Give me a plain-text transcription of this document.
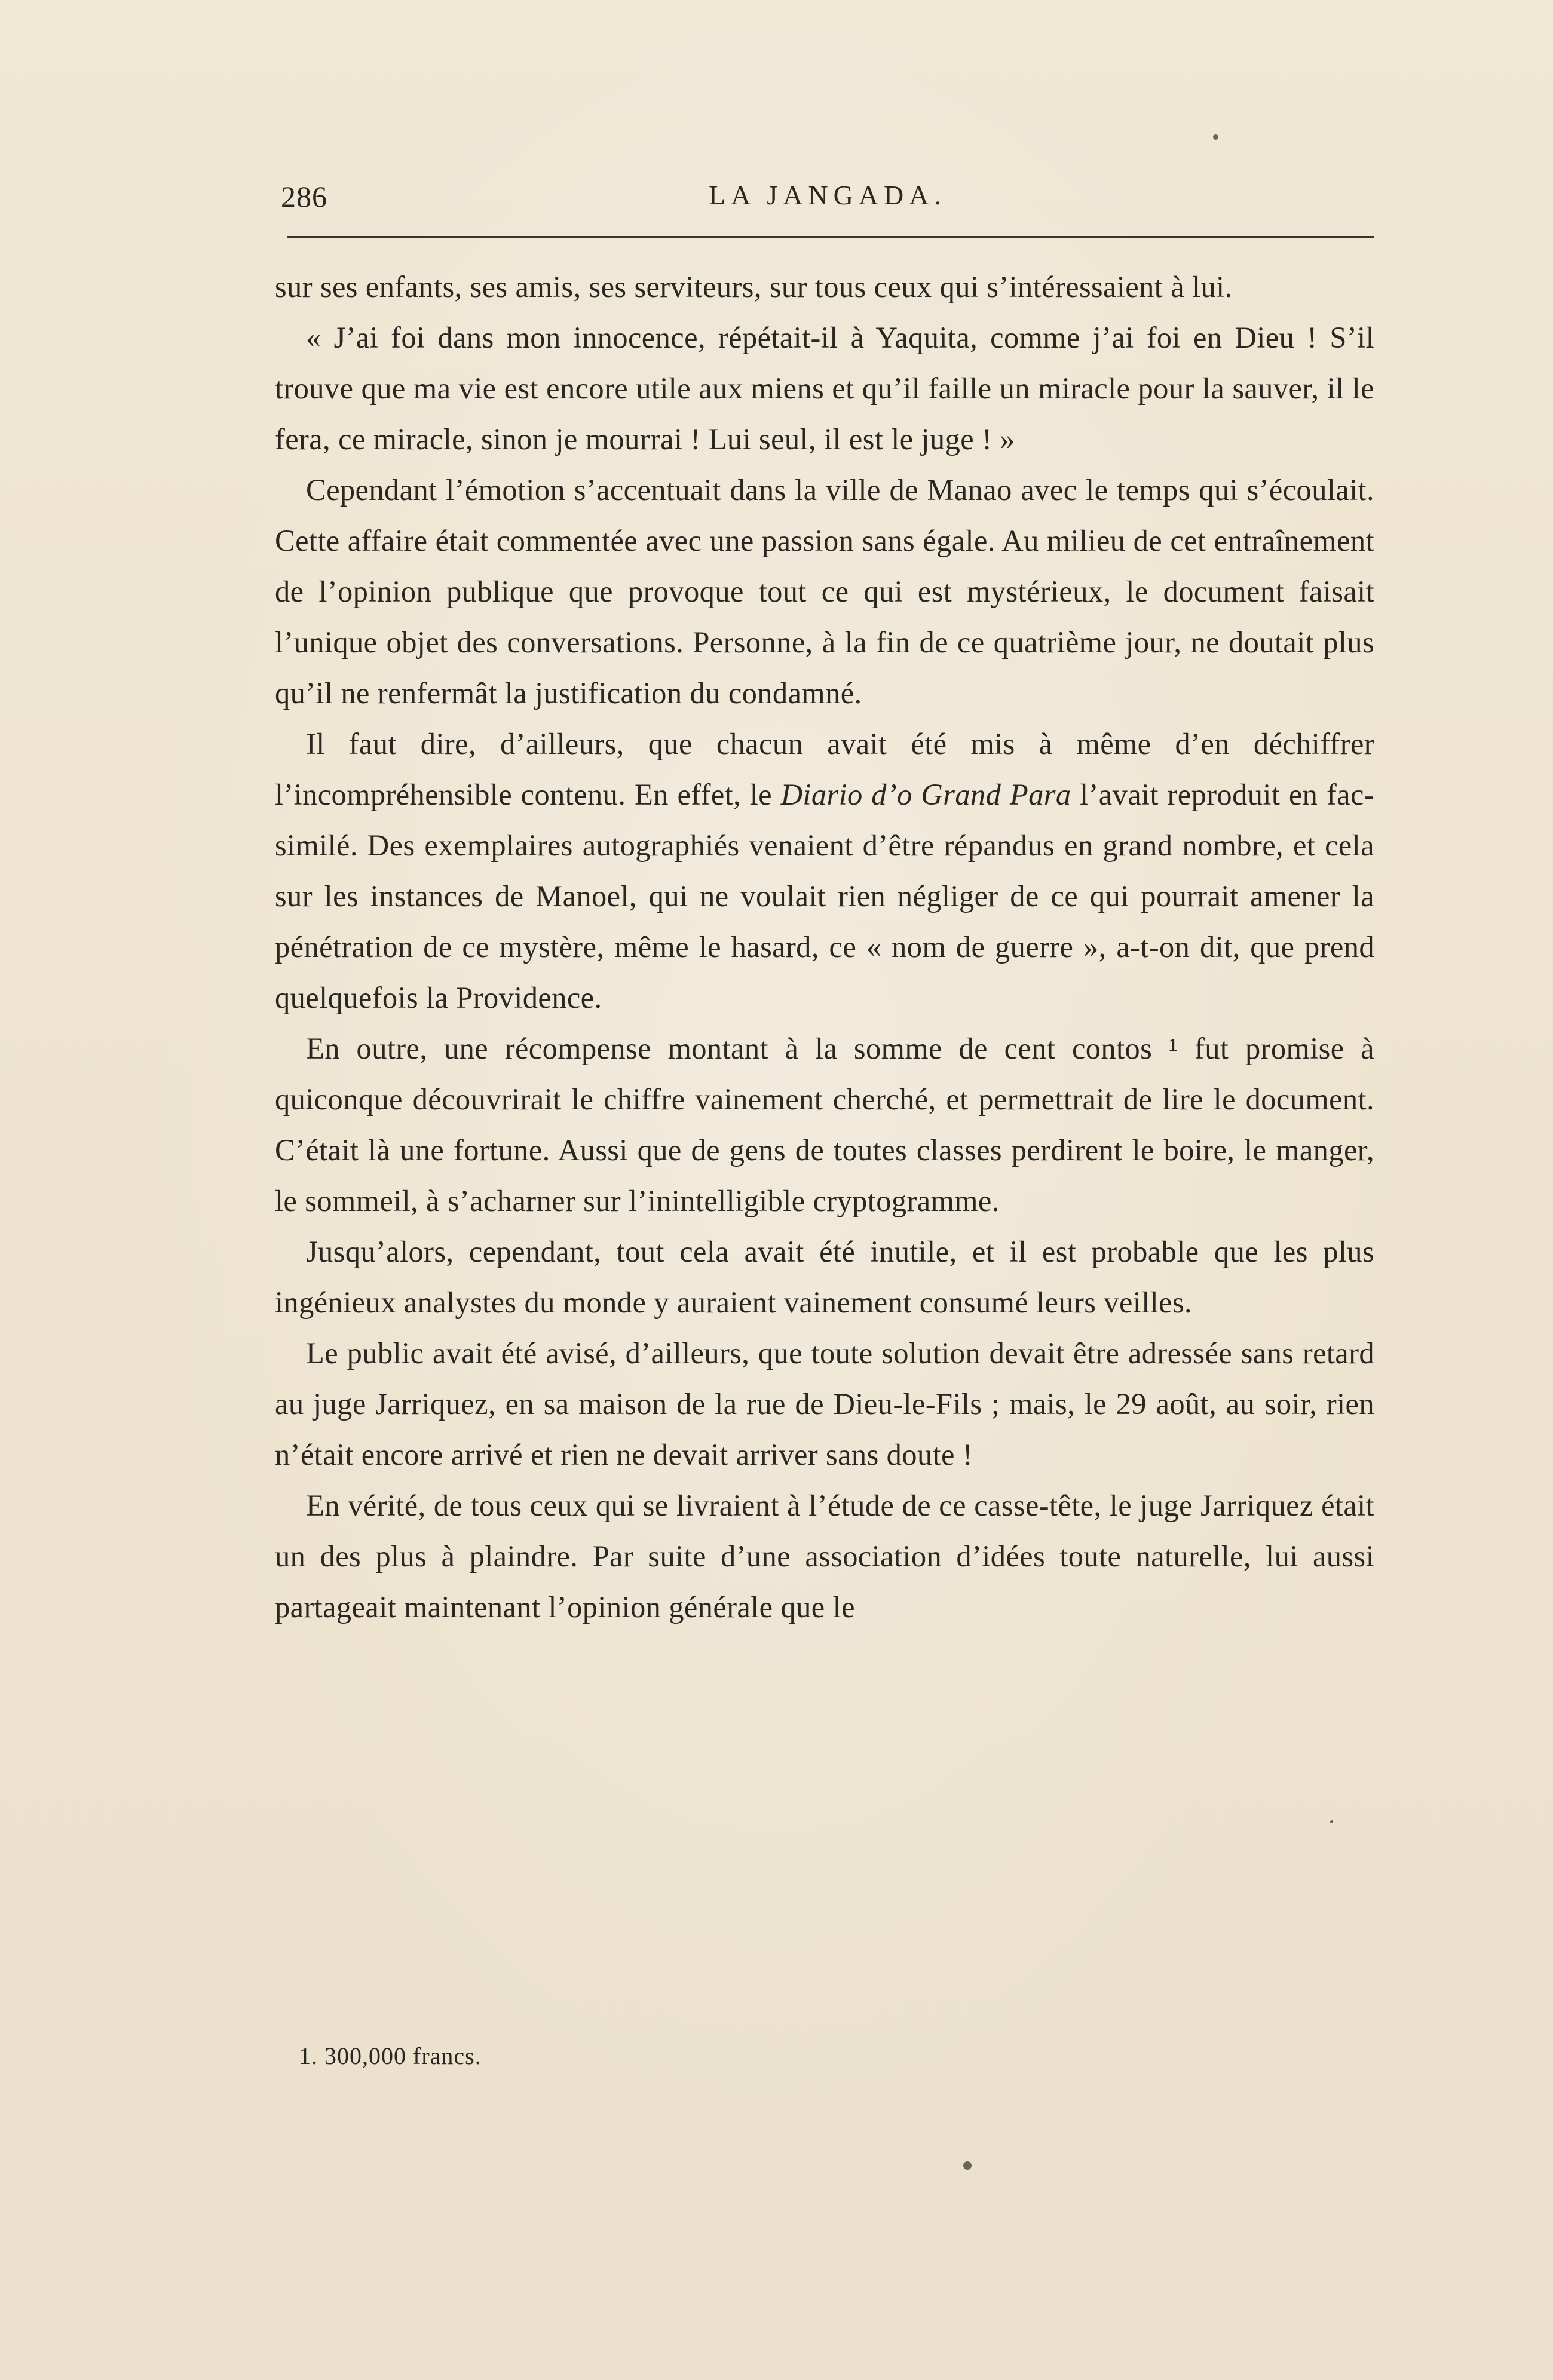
286	LA JANGADA.

sur ses enfants, ses amis, ses serviteurs, sur tous ceux qui s’intéressaient à lui.

« J’ai foi dans mon innocence, répétait-il à Yaquita, comme j’ai foi en Dieu ! S’il trouve que ma vie est encore utile aux miens et qu’il faille un miracle pour la sauver, il le fera, ce miracle, sinon je mourrai ! Lui seul, il est le juge ! »

Cependant l’émotion s’accentuait dans la ville de Manao avec le temps qui s’écoulait. Cette affaire était commentée avec une passion sans égale. Au milieu de cet entraînement de l’opinion publique que provoque tout ce qui est mystérieux, le document faisait l’unique objet des conversations. Personne, à la fin de ce quatrième jour, ne doutait plus qu’il ne renfermât la justification du condamné.

Il faut dire, d’ailleurs, que chacun avait été mis à même d’en déchiffrer l’incompréhensible contenu. En effet, le Diario d’o Grand Para l’avait reproduit en fac-similé. Des exemplaires autographiés venaient d’être répandus en grand nombre, et cela sur les instances de Manoel, qui ne voulait rien négliger de ce qui pourrait amener la pénétration de ce mystère, même le hasard, ce « nom de guerre », a-t-on dit, que prend quelquefois la Providence.

En outre, une récompense montant à la somme de cent contos ¹ fut promise à quiconque découvrirait le chiffre vainement cherché, et permettrait de lire le document. C’était là une fortune. Aussi que de gens de toutes classes perdirent le boire, le manger, le sommeil, à s’acharner sur l’inintelligible cryptogramme.

Jusqu’alors, cependant, tout cela avait été inutile, et il est probable que les plus ingénieux analystes du monde y auraient vainement consumé leurs veilles.

Le public avait été avisé, d’ailleurs, que toute solution devait être adressée sans retard au juge Jarriquez, en sa maison de la rue de Dieu-le-Fils ; mais, le 29 août, au soir, rien n’était encore arrivé et rien ne devait arriver sans doute !

En vérité, de tous ceux qui se livraient à l’étude de ce casse-tête, le juge Jarriquez était un des plus à plaindre. Par suite d’une association d’idées toute naturelle, lui aussi partageait maintenant l’opinion générale que le

1. 300,000 francs.
